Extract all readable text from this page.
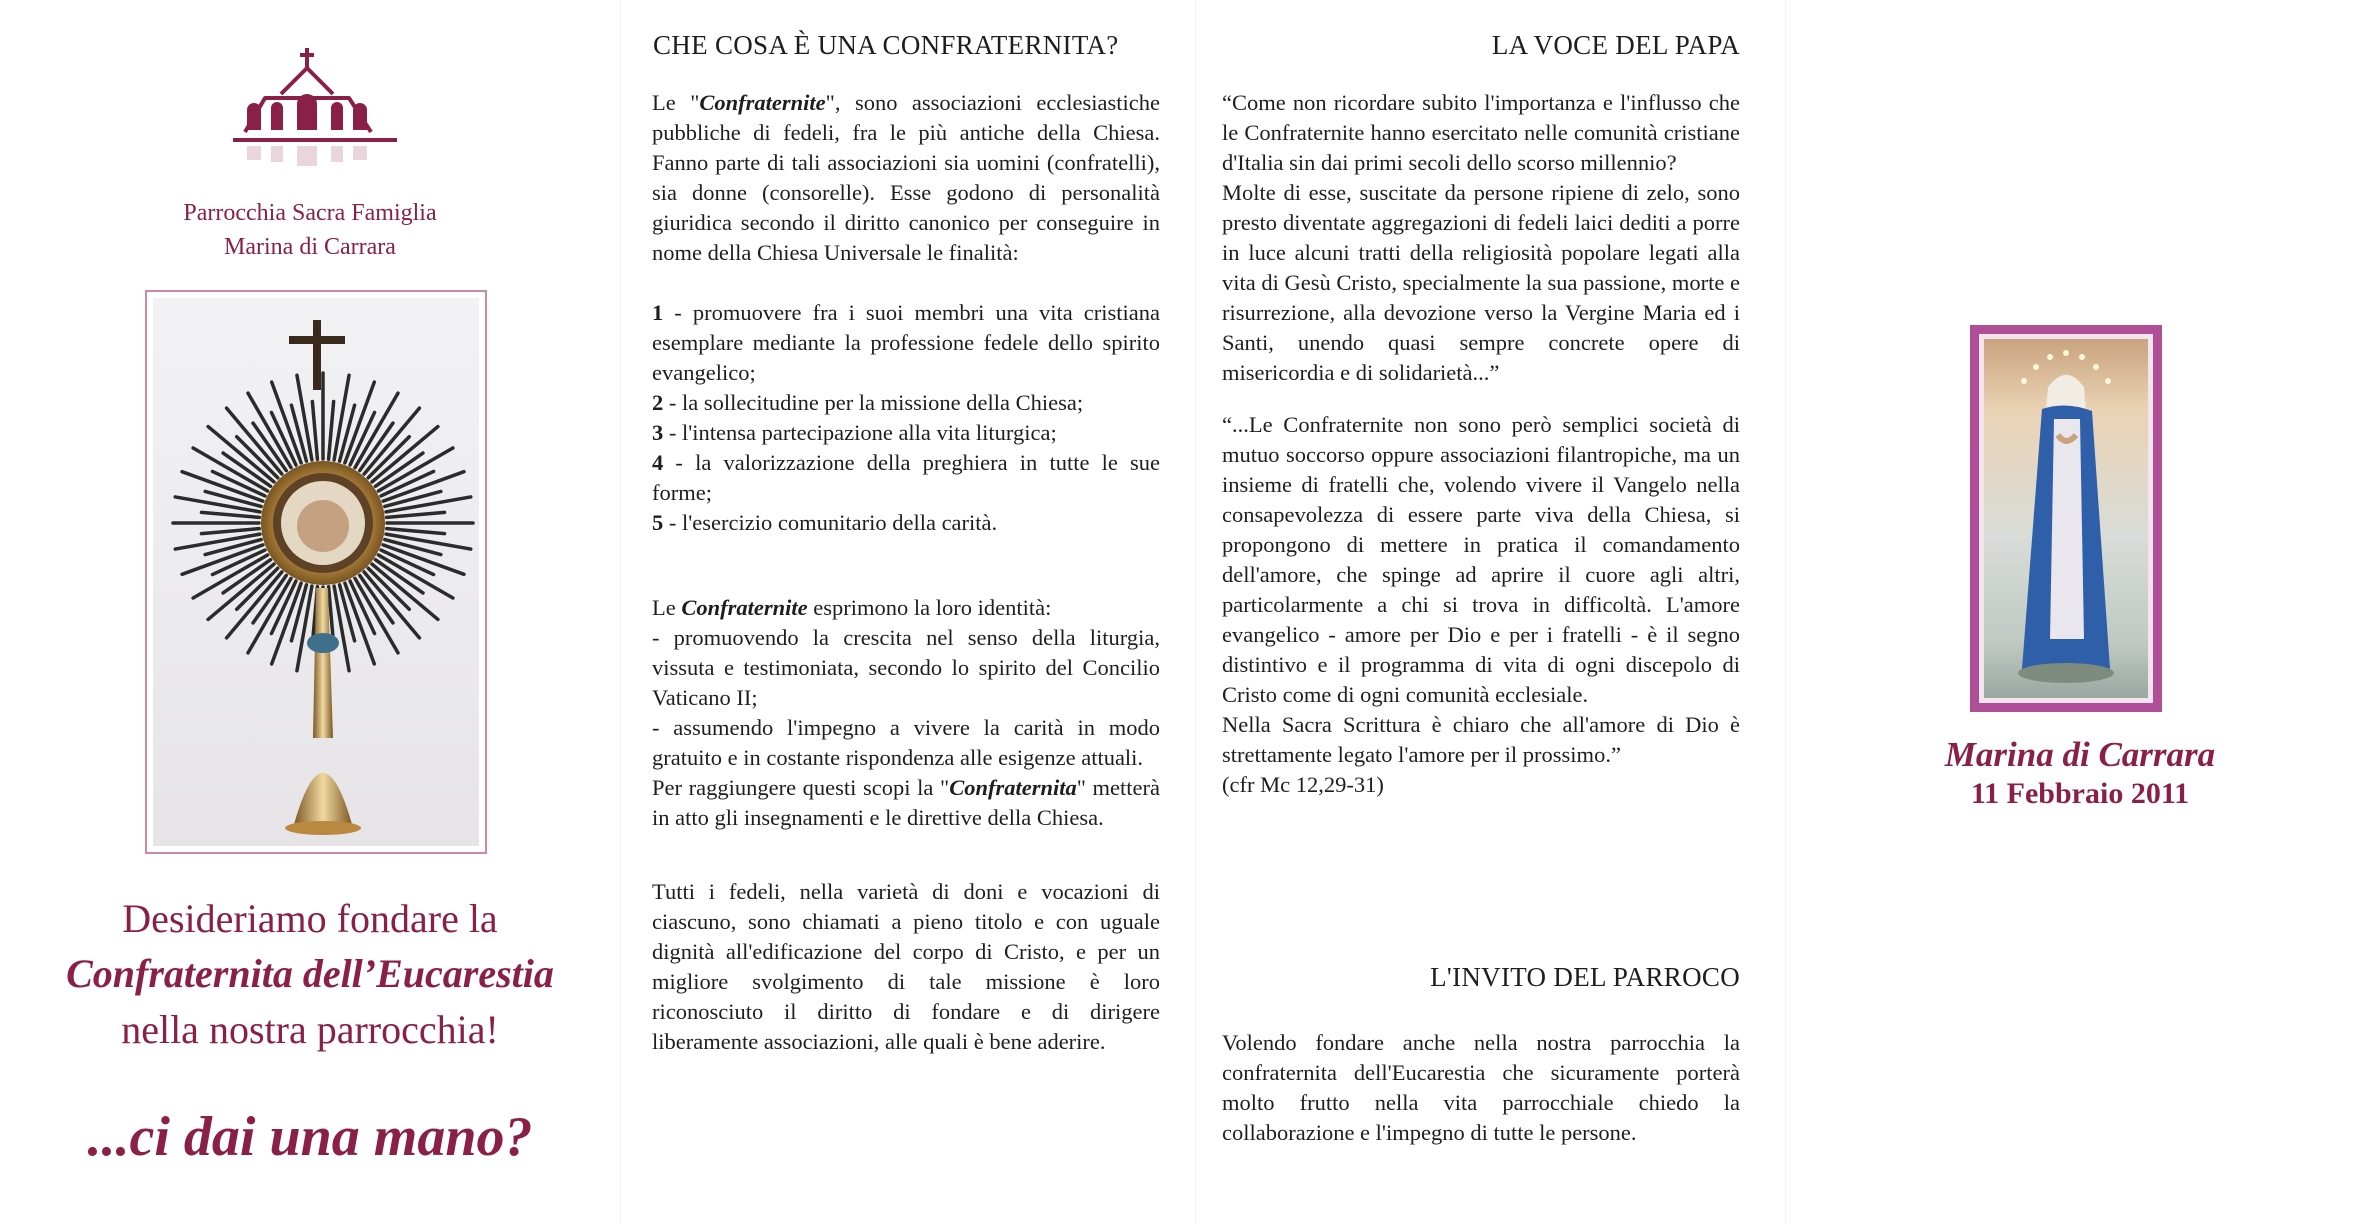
Parrocchia Sacra Famiglia
Marina di Carrara
Desideriamo fondare la
Confraternita dell’Eucarestia
nella nostra parrocchia!
...ci dai una mano?
CHE COSA È UNA CONFRATERNITA?

Le "Confraternite", sono associazioni ecclesiastiche pubbliche di fedeli, fra le più antiche della Chiesa. Fanno parte di tali associazioni sia uomini (confratelli), sia donne (consorelle). Esse godono di personalità giuridica secondo il diritto canonico per conseguire in nome della Chiesa Universale le finalità:

1 - promuovere fra i suoi membri una vita cristiana esemplare mediante la professione fedele dello spirito evangelico;

2 - la sollecitudine per la missione della Chiesa;

3 - l'intensa partecipazione alla vita liturgica;

4 - la valorizzazione della preghiera in tutte le sue forme;

5 - l'esercizio comunitario della carità.

Le Confraternite esprimono la loro identità:

- promuovendo la crescita nel senso della liturgia, vissuta e testimoniata, secondo lo spirito del Concilio Vaticano II;

- assumendo l'impegno a vivere la carità in modo gratuito e in costante rispondenza alle esigenze attuali.

Per raggiungere questi scopi la "Confraternita" metterà in atto gli insegnamenti e le direttive della Chiesa.

Tutti i fedeli, nella varietà di doni e vocazioni di ciascuno, sono chiamati a pieno titolo e con uguale dignità all'edificazione del corpo di Cristo, e per un migliore svolgimento di tale missione è loro riconosciuto il diritto di fondare e di dirigere liberamente associazioni, alle quali è bene aderire.

LA VOCE DEL PAPA

“Come non ricordare subito l'importanza e l'influsso che le Confraternite hanno esercitato nelle comunità cristiane d'Italia sin dai primi secoli dello scorso millennio?

Molte di esse, suscitate da persone ripiene di zelo, sono presto diventate aggregazioni di fedeli laici dediti a porre in luce alcuni tratti della religiosità popolare legati alla vita di Gesù Cristo, specialmente la sua passione, morte e risurrezione, alla devozione verso la Vergine Maria ed i Santi, unendo quasi sempre concrete opere di misericordia e di solidarietà...”

“...Le Confraternite non sono però semplici società di mutuo soccorso oppure associazioni filantropiche, ma un insieme di fratelli che, volendo vivere il Vangelo nella consapevolezza di essere parte viva della Chiesa, si propongono di mettere in pratica il comandamento dell'amore, che spinge ad aprire il cuore agli altri, particolarmente a chi si trova in difficoltà. L'amore evangelico - amore per Dio e per i fratelli - è il segno distintivo e il programma di vita di ogni discepolo di Cristo come di ogni comunità ecclesiale.

Nella Sacra Scrittura è chiaro che all'amore di Dio è strettamente legato l'amore per il prossimo.”

(cfr Mc 12,29-31)

L'INVITO DEL PARROCO

Volendo fondare anche nella nostra parrocchia la confraternita dell'Eucarestia che sicuramente porterà molto frutto nella vita parrocchiale chiedo la collaborazione e l'impegno di tutte le persone.

Marina di Carrara
11 Febbraio 2011
